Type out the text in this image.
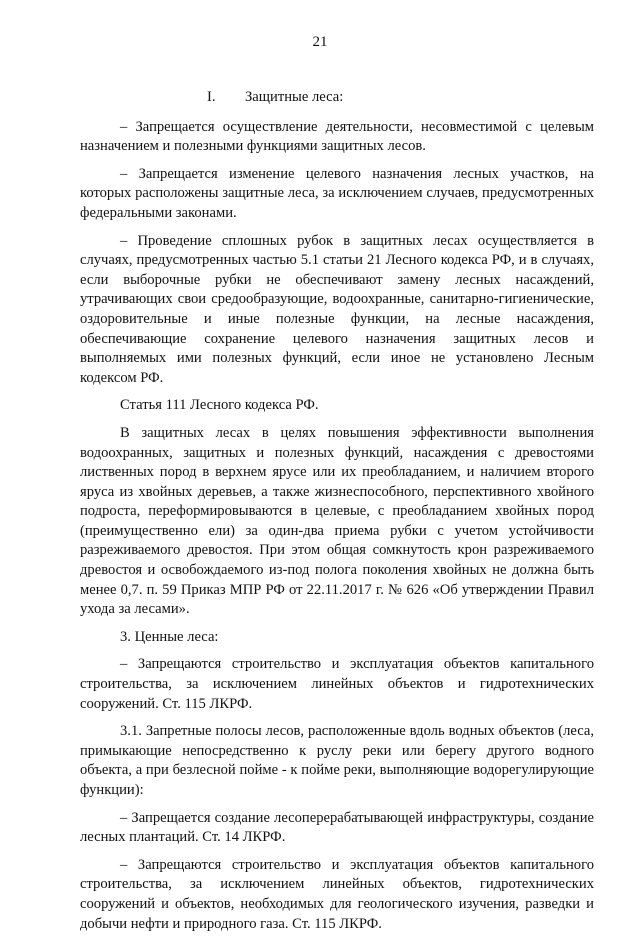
21

I. Защитные леса:

– Запрещается осуществление деятельности, несовместимой с целевым назначением и полезными функциями защитных лесов.

– Запрещается изменение целевого назначения лесных участков, на которых расположены защитные леса, за исключением случаев, предусмотренных федеральными законами.

– Проведение сплошных рубок в защитных лесах осуществляется в случаях, предусмотренных частью 5.1 статьи 21 Лесного кодекса РФ, и в случаях, если выборочные рубки не обеспечивают замену лесных насаждений, утрачивающих свои средообразующие, водоохранные, санитарно-гигиенические, оздоровительные и иные полезные функции, на лесные насаждения, обеспечивающие сохранение целевого назначения защитных лесов и выполняемых ими полезных функций, если иное не установлено Лесным кодексом РФ.

Статья 111 Лесного кодекса РФ.

В защитных лесах в целях повышения эффективности выполнения водоохранных, защитных и полезных функций, насаждения с древостоями лиственных пород в верхнем ярусе или их преобладанием, и наличием второго яруса из хвойных деревьев, а также жизнеспособного, перспективного хвойного подроста, переформировываются в целевые, с преобладанием хвойных пород (преимущественно ели) за один-два приема рубки с учетом устойчивости разреживаемого древостоя. При этом общая сомкнутость крон разреживаемого древостоя и освобождаемого из-под полога поколения хвойных не должна быть менее 0,7. п. 59 Приказ МПР РФ от 22.11.2017 г. № 626 «Об утверждении Правил ухода за лесами».

3. Ценные леса:

– Запрещаются строительство и эксплуатация объектов капитального строительства, за исключением линейных объектов и гидротехнических сооружений. Ст. 115 ЛКРФ.

3.1. Запретные полосы лесов, расположенные вдоль водных объектов (леса, примыкающие непосредственно к руслу реки или берегу другого водного объекта, а при безлесной пойме - к пойме реки, выполняющие водорегулирующие функции):

– Запрещается создание лесоперерабатывающей инфраструктуры, создание лесных плантаций. Ст. 14 ЛКРФ.

– Запрещаются строительство и эксплуатация объектов капитального строительства, за исключением линейных объектов, гидротехнических сооружений и объектов, необходимых для геологического изучения, разведки и добычи нефти и природного газа. Ст. 115 ЛКРФ.
